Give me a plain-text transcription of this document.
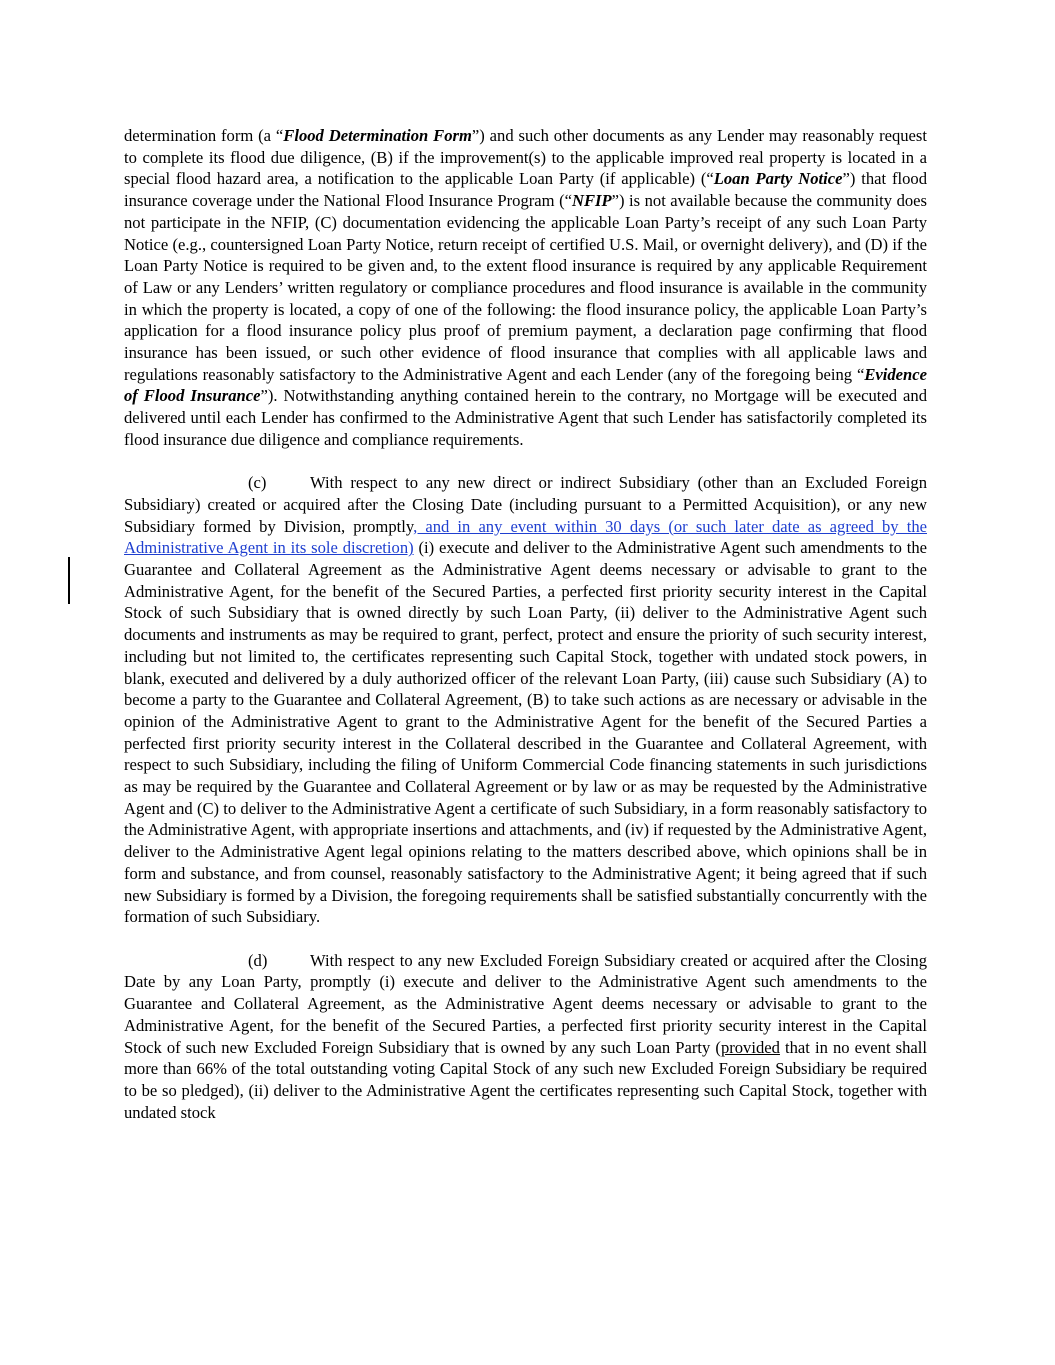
determination form (a “Flood Determination Form”) and such other documents as any Lender may reasonably request to complete its flood due diligence, (B) if the improvement(s) to the applicable improved real property is located in a special flood hazard area, a notification to the applicable Loan Party (if applicable) (“Loan Party Notice”) that flood insurance coverage under the National Flood Insurance Program (“NFIP”) is not available because the community does not participate in the NFIP, (C) documentation evidencing the applicable Loan Party’s receipt of any such Loan Party Notice (e.g., countersigned Loan Party Notice, return receipt of certified U.S. Mail, or overnight delivery), and (D) if the Loan Party Notice is required to be given and, to the extent flood insurance is required by any applicable Requirement of Law or any Lenders’ written regulatory or compliance procedures and flood insurance is available in the community in which the property is located, a copy of one of the following: the flood insurance policy, the applicable Loan Party’s application for a flood insurance policy plus proof of premium payment, a declaration page confirming that flood insurance has been issued, or such other evidence of flood insurance that complies with all applicable laws and regulations reasonably satisfactory to the Administrative Agent and each Lender (any of the foregoing being “Evidence of Flood Insurance”). Notwithstanding anything contained herein to the contrary, no Mortgage will be executed and delivered until each Lender has confirmed to the Administrative Agent that such Lender has satisfactorily completed its flood insurance due diligence and compliance requirements.

(c)	With respect to any new direct or indirect Subsidiary (other than an Excluded Foreign Subsidiary) created or acquired after the Closing Date (including pursuant to a Permitted Acquisition), or any new Subsidiary formed by Division, promptly, and in any event within 30 days (or such later date as agreed by the Administrative Agent in its sole discretion) (i) execute and deliver to the Administrative Agent such amendments to the Guarantee and Collateral Agreement as the Administrative Agent deems necessary or advisable to grant to the Administrative Agent, for the benefit of the Secured Parties, a perfected first priority security interest in the Capital Stock of such Subsidiary that is owned directly by such Loan Party, (ii) deliver to the Administrative Agent such documents and instruments as may be required to grant, perfect, protect and ensure the priority of such security interest, including but not limited to, the certificates representing such Capital Stock, together with undated stock powers, in blank, executed and delivered by a duly authorized officer of the relevant Loan Party, (iii) cause such Subsidiary (A) to become a party to the Guarantee and Collateral Agreement, (B) to take such actions as are necessary or advisable in the opinion of the Administrative Agent to grant to the Administrative Agent for the benefit of the Secured Parties a perfected first priority security interest in the Collateral described in the Guarantee and Collateral Agreement, with respect to such Subsidiary, including the filing of Uniform Commercial Code financing statements in such jurisdictions as may be required by the Guarantee and Collateral Agreement or by law or as may be requested by the Administrative Agent and (C) to deliver to the Administrative Agent a certificate of such Subsidiary, in a form reasonably satisfactory to the Administrative Agent, with appropriate insertions and attachments, and (iv) if requested by the Administrative Agent, deliver to the Administrative Agent legal opinions relating to the matters described above, which opinions shall be in form and substance, and from counsel, reasonably satisfactory to the Administrative Agent; it being agreed that if such new Subsidiary is formed by a Division, the foregoing requirements shall be satisfied substantially concurrently with the formation of such Subsidiary.

(d)	With respect to any new Excluded Foreign Subsidiary created or acquired after the Closing Date by any Loan Party, promptly (i) execute and deliver to the Administrative Agent such amendments to the Guarantee and Collateral Agreement, as the Administrative Agent deems necessary or advisable to grant to the Administrative Agent, for the benefit of the Secured Parties, a perfected first priority security interest in the Capital Stock of such new Excluded Foreign Subsidiary that is owned by any such Loan Party (provided that in no event shall more than 66% of the total outstanding voting Capital Stock of any such new Excluded Foreign Subsidiary be required to be so pledged), (ii) deliver to the Administrative Agent the certificates representing such Capital Stock, together with undated stock
